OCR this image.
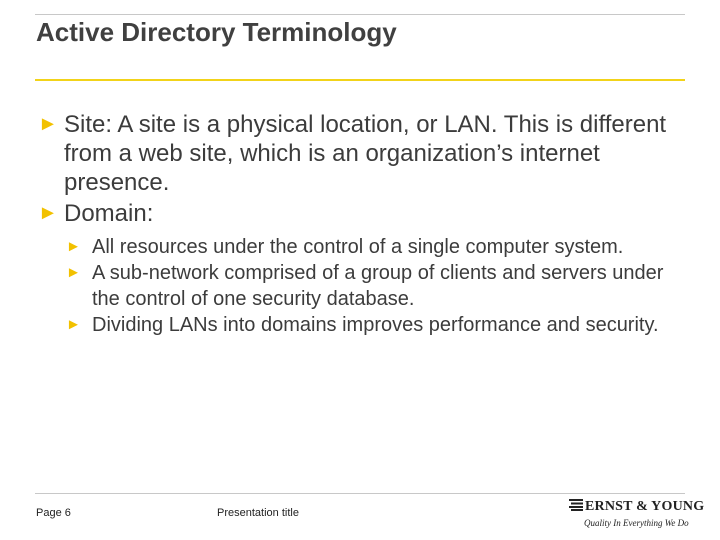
Active Directory Terminology
► Site: A site is a physical location, or LAN. This is different from a web site, which is an organization’s internet presence.
► Domain:
► All resources under the control of a single computer system.
► A sub-network comprised of a group of clients and servers under the control of one security database.
► Dividing LANs into domains improves performance and security.
Page 6	Presentation title	ERNST & YOUNG
Quality In Everything We Do
